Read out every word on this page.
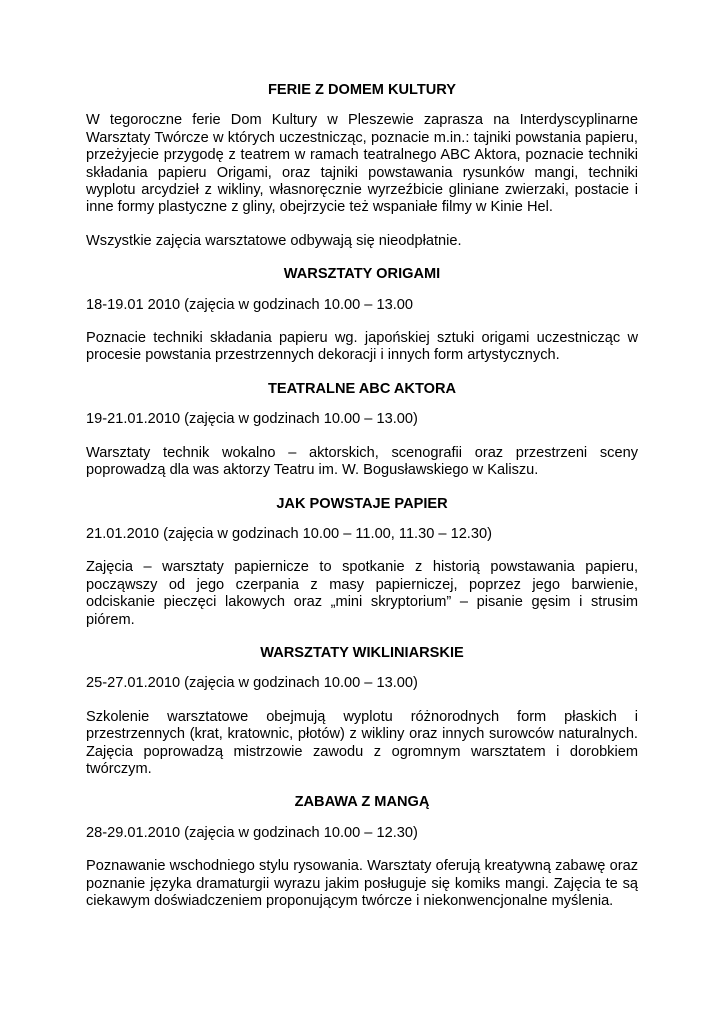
FERIE Z DOMEM KULTURY

W tegoroczne ferie Dom Kultury w Pleszewie zaprasza na Interdyscyplinarne Warsztaty Twórcze w których uczestnicząc, poznacie m.in.: tajniki powstania papieru, przeżyjecie przygodę z teatrem w ramach teatralnego ABC Aktora, poznacie techniki składania papieru Origami, oraz tajniki powstawania rysunków mangi, techniki wyplotu arcydzieł z wikliny, własnoręcznie wyrzeźbicie gliniane zwierzaki, postacie i inne formy plastyczne z gliny, obejrzycie też wspaniałe filmy w Kinie Hel.

Wszystkie zajęcia warsztatowe odbywają się nieodpłatnie.

WARSZTATY ORIGAMI

18-19.01 2010 (zajęcia w godzinach 10.00 – 13.00

Poznacie techniki składania papieru wg. japońskiej sztuki origami uczestnicząc w procesie powstania przestrzennych dekoracji i innych form artystycznych.

TEATRALNE ABC AKTORA

19-21.01.2010 (zajęcia w godzinach 10.00 – 13.00)

Warsztaty technik wokalno – aktorskich, scenografii oraz przestrzeni sceny poprowadzą dla was aktorzy Teatru im. W. Bogusławskiego w Kaliszu.

JAK POWSTAJE PAPIER

21.01.2010 (zajęcia w godzinach 10.00 – 11.00, 11.30 – 12.30)

Zajęcia – warsztaty papiernicze to spotkanie z historią powstawania papieru, począwszy od jego czerpania z masy papierniczej, poprzez jego barwienie, odciskanie pieczęci lakowych oraz „mini skryptorium” – pisanie gęsim i strusim piórem.

WARSZTATY WIKLINIARSKIE

25-27.01.2010 (zajęcia w godzinach 10.00 – 13.00)

Szkolenie warsztatowe obejmują wyplotu różnorodnych form płaskich i przestrzennych (krat, kratownic, płotów) z wikliny oraz innych surowców naturalnych. Zajęcia poprowadzą mistrzowie zawodu z ogromnym warsztatem i dorobkiem twórczym.

ZABAWA Z MANGĄ

28-29.01.2010 (zajęcia w godzinach 10.00 – 12.30)

Poznawanie wschodniego stylu rysowania. Warsztaty oferują kreatywną zabawę oraz poznanie języka dramaturgii wyrazu jakim posługuje się komiks mangi. Zajęcia te są ciekawym doświadczeniem proponującym twórcze i niekonwencjonalne myślenia.
